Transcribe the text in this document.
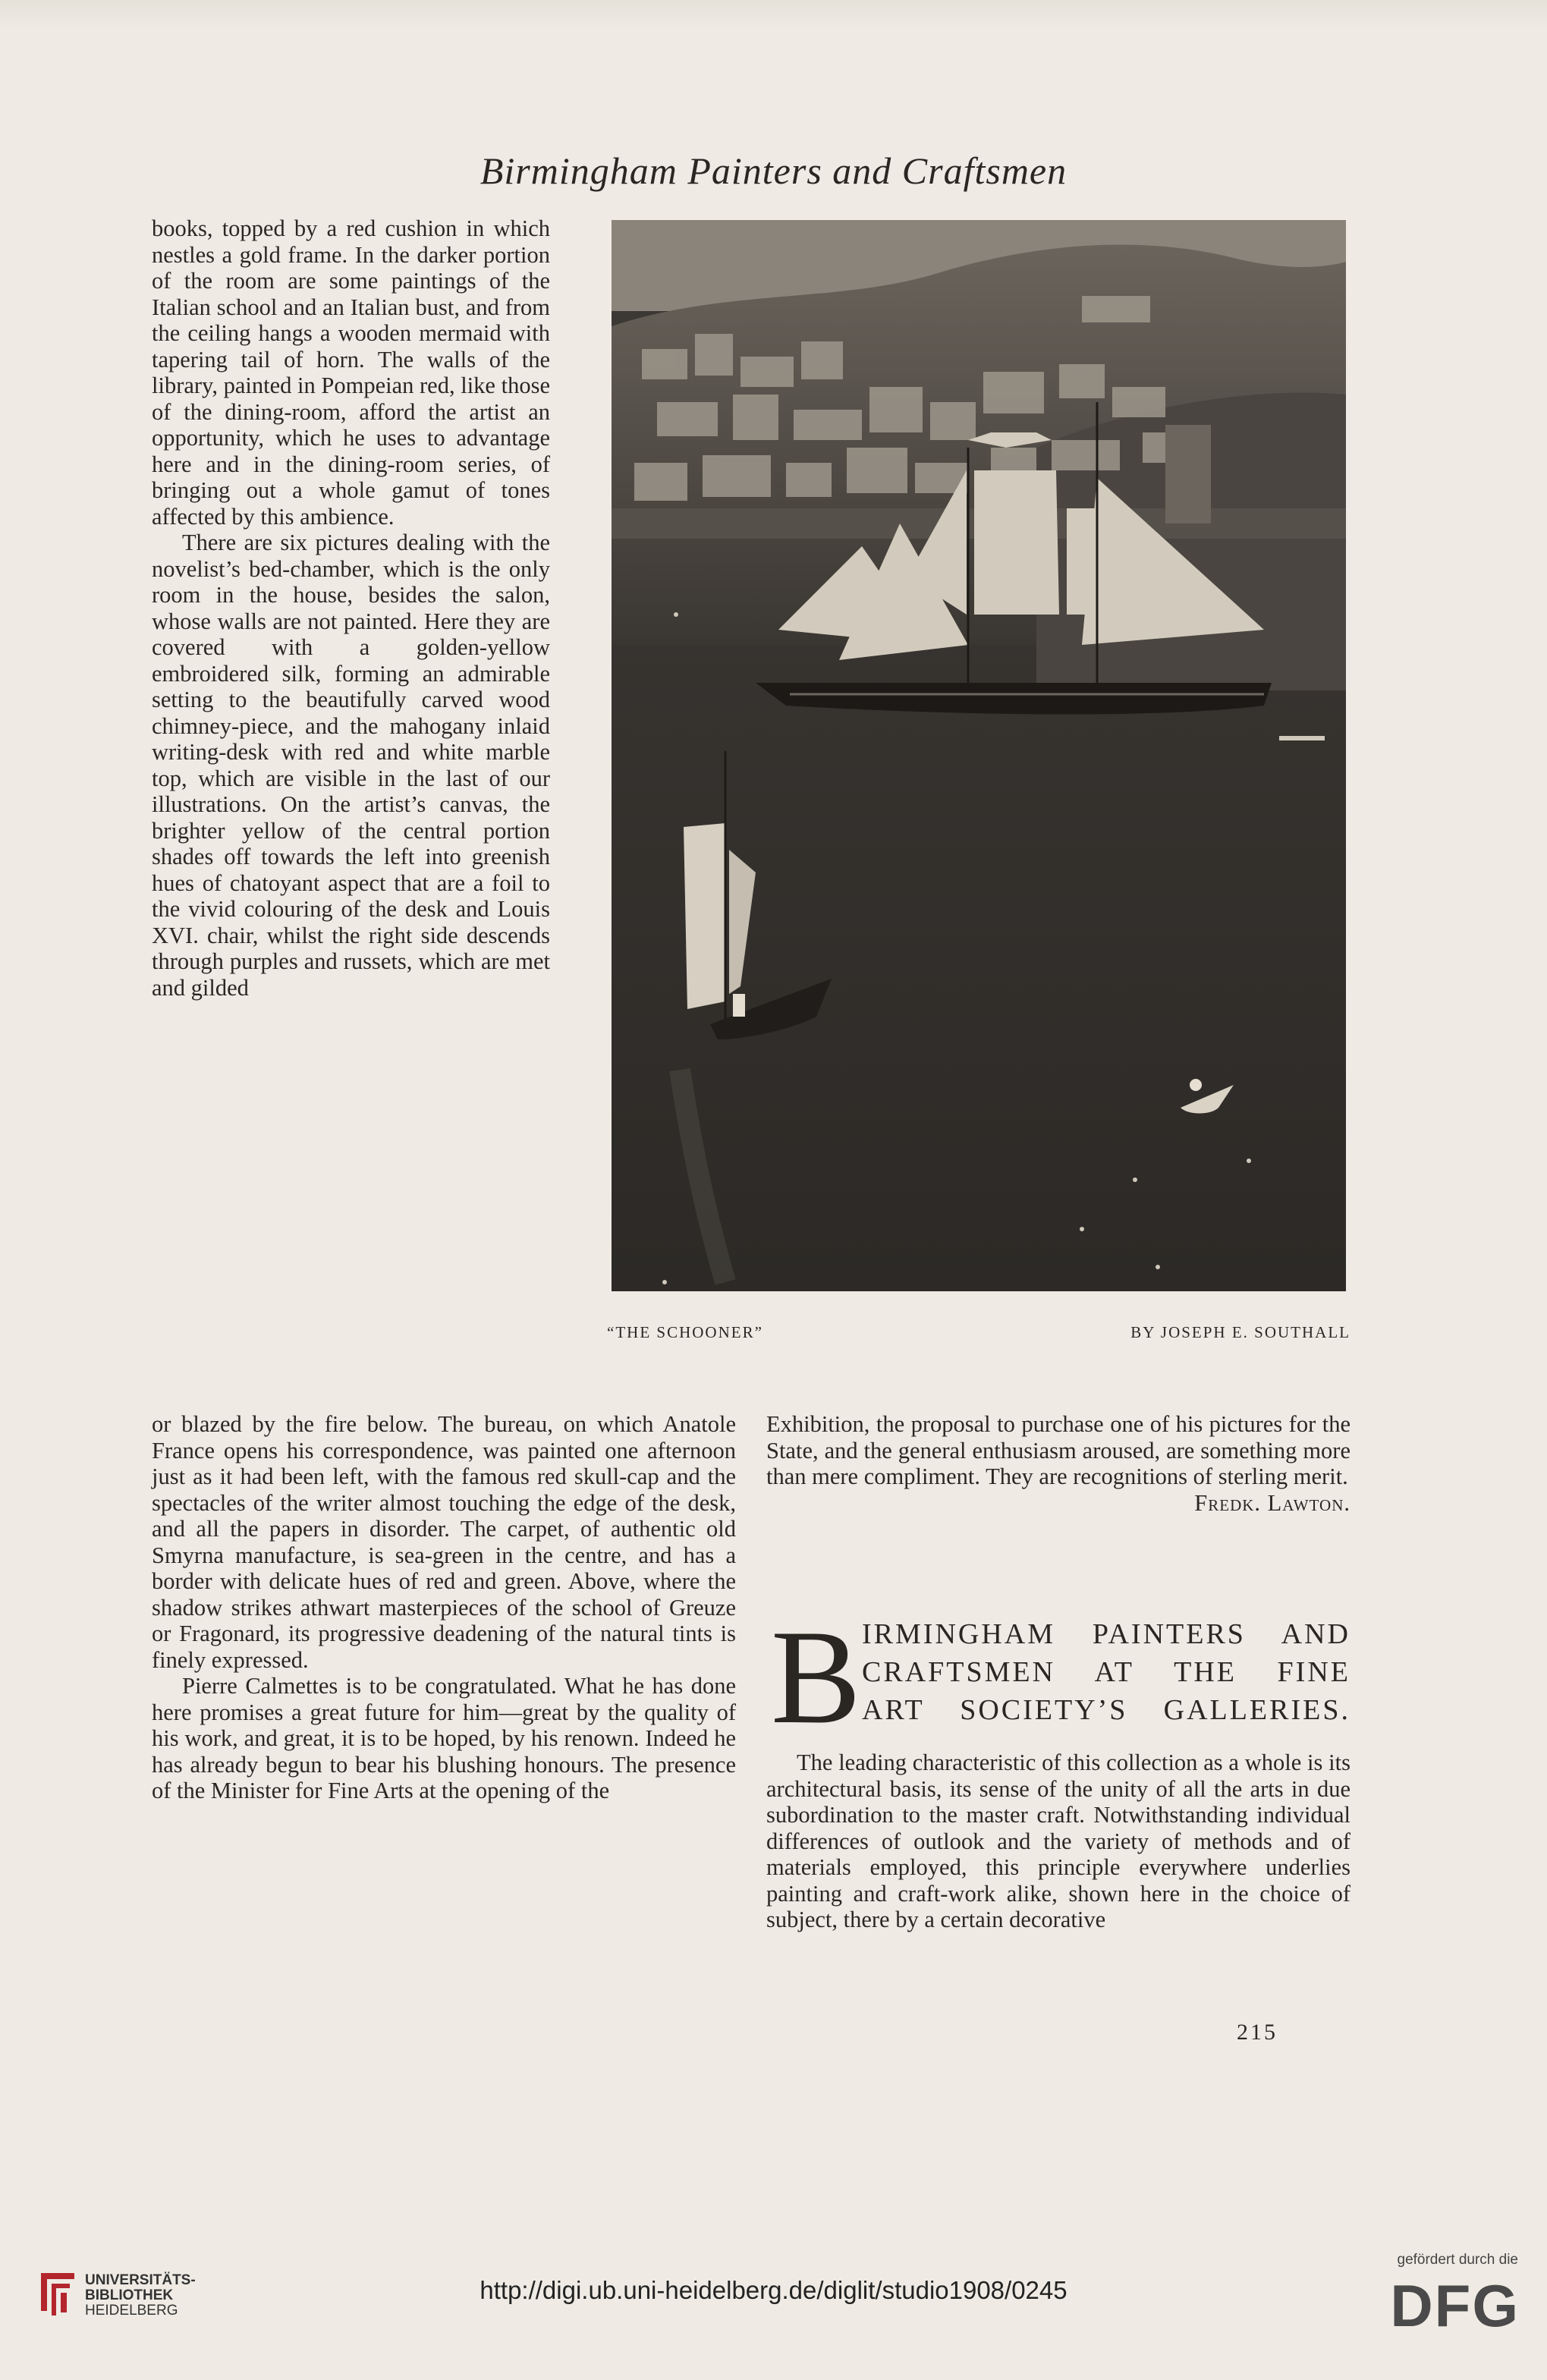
Birmingham Painters and Craftsmen

books, topped by a red cushion in which nestles a gold frame. In the darker portion of the room are some paintings of the Italian school and an Italian bust, and from the ceiling hangs a wooden mermaid with tapering tail of horn. The walls of the library, painted in Pompeian red, like those of the dining-room, afford the artist an opportunity, which he uses to advantage here and in the dining-room series, of bringing out a whole gamut of tones affected by this ambience.

There are six pictures dealing with the novelist’s bed-chamber, which is the only room in the house, besides the salon, whose walls are not painted. Here they are covered with a golden-yellow embroidered silk, forming an admirable setting to the beautifully carved wood chimney-piece, and the mahogany inlaid writing-desk with red and white marble top, which are visible in the last of our illustrations. On the artist’s canvas, the brighter yellow of the central portion shades off towards the left into greenish hues of chatoyant aspect that are a foil to the vivid colouring of the desk and Louis XVI. chair, whilst the right side descends through purples and russets, which are met and gilded

“THE SCHOONER”	BY JOSEPH E. SOUTHALL

or blazed by the fire below. The bureau, on which Anatole France opens his correspondence, was painted one afternoon just as it had been left, with the famous red skull-cap and the spectacles of the writer almost touching the edge of the desk, and all the papers in disorder. The carpet, of authentic old Smyrna manufacture, is sea-green in the centre, and has a border with delicate hues of red and green. Above, where the shadow strikes athwart masterpieces of the school of Greuze or Fragonard, its progressive deadening of the natural tints is finely expressed.

Pierre Calmettes is to be congratulated. What he has done here promises a great future for him—great by the quality of his work, and great, it is to be hoped, by his renown. Indeed he has already begun to bear his blushing honours. The presence of the Minister for Fine Arts at the opening of the

Exhibition, the proposal to purchase one of his pictures for the State, and the general enthusiasm aroused, are something more than mere compliment. They are recognitions of sterling merit.

Fredk. Lawton.

B IRMINGHAM PAINTERS AND
CRAFTSMEN AT THE FINE
ART SOCIETY’S GALLERIES.

The leading characteristic of this collection as a whole is its architectural basis, its sense of the unity of all the arts in due subordination to the master craft. Notwithstanding individual differences of outlook and the variety of methods and of materials employed, this principle everywhere underlies painting and craft-work alike, shown here in the choice of subject, there by a certain decorative

215
UNIVERSITÄTS-
BIBLIOTHEK
HEIDELBERG
http://digi.ub.uni-heidelberg.de/diglit/studio1908/0245
gefördert durch die
DFG
